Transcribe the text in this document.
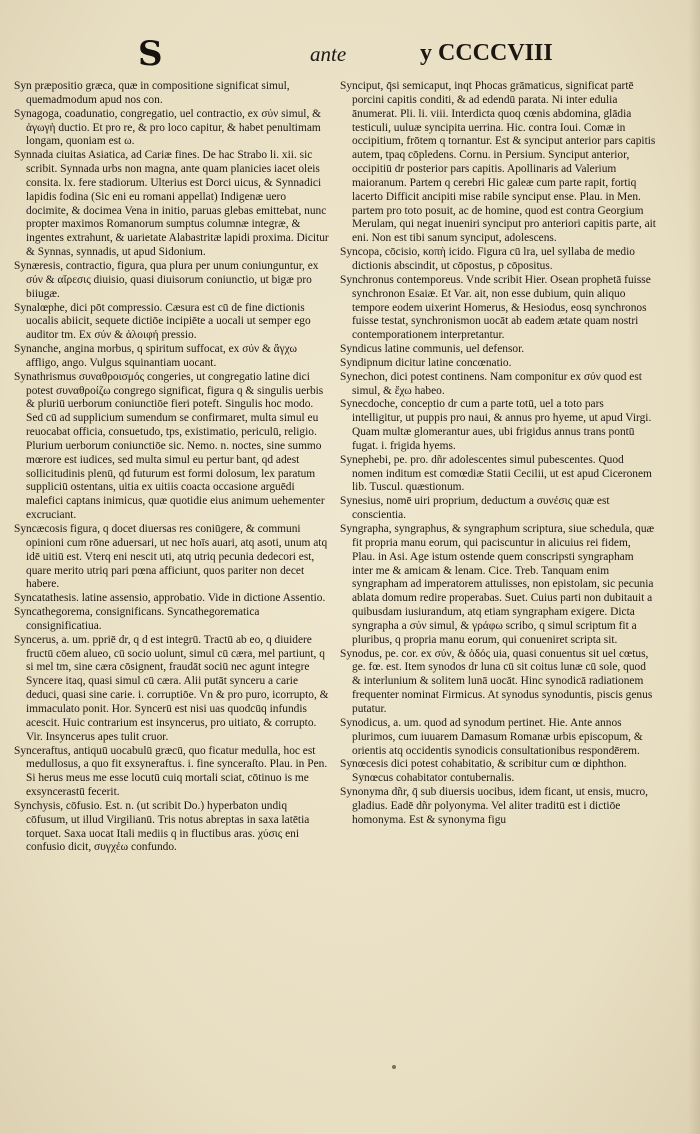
S	ante	y CCCCVIII

Syn præpositio græca, quæ in compositione significat simul, quemadmodum apud nos con.

Synagoga, coadunatio, congregatio, uel contractio, ex σύν simul, & ἀγωγὴ ductio. Et pro re, & pro loco capitur, & habet penultimam longam, quoniam est ω.

Synnada ciuitas Asiatica, ad Cariæ fines. De hac Strabo li. xii. sic scribit. Synnada urbs non magna, ante quam planicies iacet oleis consita. lx. fere stadiorum. Ulterius est Dorci uicus, & Synnadici lapidis fodina (Sic eni eu romani appellat) Indigenæ uero docimite, & docimea Vena in initio, paruas glebas emittebat, nunc propter maximos Romanorum sumptus columnæ integræ, & ingentes extrahunt, & uarietate Alabastritæ lapidi proxima. Dicitur & Synnas, synnadis, ut apud Sidonium.

Synæresis, contractio, figura, qua plura per unum coniunguntur, ex σύν & αἵρεσις diuisio, quasi diuisorum coniunctio, ut bigæ pro biiugæ.

Synalœphe, dici pōt compressio. Cæsura est cū de fine dictionis uocalis abiicit, sequete dictiōe incipiēte a uocali ut semper ego auditor tm. Ex σύν & ἀλοιφή pressio.

Synanche, angina morbus, q spiritum suffocat, ex σύν & ἄγχω affligo, ango. Vulgus squinantiam uocant.

Synathrismus συναθροισμός congeries, ut congregatio latine dici potest συναθροίζω congrego significat, figura q & singulis uerbis & pluriū uerborum coniunctiōe fieri poteft. Singulis hoc modo. Sed cū ad supplicium sumendum se confirmaret, multa simul eu reuocabat officia, consuetudo, tps, existimatio, periculū, religio. Plurium uerborum coniunctiōe sic. Nemo. n. noctes, sine summo mœrore est iudices, sed multa simul eu pertur bant, qd adest sollicitudinis plenū, qd futurum est formi dolosum, lex paratum suppliciū ostentans, uitia ex uitiis coacta occasione arguēdi malefici captans inimicus, quæ quotidie eius animum uehementer excruciant.

Syncæcosis figura, q docet diuersas res coniūgere, & communi opinioni cum rōne aduersari, ut nec hoīs auari, atq asoti, unum atq idē uitiū est. Vterq eni nescit uti, atq utriq pecunia dedecori est, quare merito utriq pari pœna afficiunt, quos pariter non decet habere.

Syncatathesis. latine assensio, approbatio. Vide in dictione Assentio.

Syncathegorema, consignificans. Syncathegorematica consignificatiua.

Syncerus, a. um. ppriē dr, q d est integrū. Tractū ab eo, q diuidere fructū cōem alueo, cū socio uolunt, simul cū cæra, mel partiunt, q si mel tm, sine cæra cōsignent, fraudāt sociū nec agunt integre Syncere itaq, quasi simul cū cæra. Alii putāt synceru a carie deduci, quasi sine carie. i. corruptiōe. Vn & pro puro, icorrupto, & immaculato ponit. Hor. Syncerū est nisi uas quodcūq infundis acescit. Huic contrarium est insyncerus, pro uitiato, & corrupto. Vir. Insyncerus apes tulit cruor.

Synceraftus, antiquū uocabulū græcū, quo ficatur medulla, hoc est medullosus, a quo fit exsyneraftus. i. fine synceraſto. Plau. in Pen. Si herus meus me esse locutū cuiq mortali sciat, cōtinuo is me exsyncerastū fecerit.

Synchysis, cōfusio. Est. n. (ut scribit Do.) hyperbaton undiq cōfusum, ut illud Virgilianū. Tris notus abreptas in saxa latētia torquet. Saxa uocat Itali mediis q in fluctibus aras. χύσις eni confusio dicit, συγχέω confundo.

Synciput, q̄si semicaput, inqt Phocas grāmaticus, significat partē porcini capitis conditi, & ad edendū parata. Ni inter edulia ānumerat. Pli. li. viii. Interdicta quoq cœnis abdomina, glādia testiculi, uuluæ syncipita uerrina. Hic. contra Ioui. Comæ in occipitium, frōtem q tornantur. Est & synciput anterior pars capitis autem, tpaq cōpledens. Cornu. in Persium. Synciput anterior, occipitiū dr posterior pars capitis. Apollinaris ad Valerium maioranum. Partem q cerebri Hic galeæ cum parte rapit, fortiq lacerto Difficit ancipiti mise rabile synciput ense. Plau. in Men. partem pro toto posuit, ac de homine, quod est contra Georgium Merulam, qui negat inueniri synciput pro anteriori capitis parte, ait eni. Non est tibi sanum synciput, adolescens.

Syncopa, cōcisio, κοπὴ icido. Figura cū lra, uel syllaba de medio dictionis abscindit, ut cōpostus, p cōpositus.

Synchronus contemporeus. Vnde scribit Hier. Osean prophetā fuisse synchronon Esaiæ. Et Var. ait, non esse dubium, quin aliquo tempore eodem uixerint Homerus, & Hesiodus, eosq synchronos fuisse testat, synchronismon uocāt ab eadem ætate quam nostri contemporationem interpretantur.

Syndicus latine communis, uel defensor.

Syndipnum dicitur latine concœnatio.

Synechon, dici potest continens. Nam componitur ex σύν quod est simul, & ἔχω habeo.

Synecdoche, conceptio dr cum a parte totū, uel a toto pars intelligitur, ut puppis pro naui, & annus pro hyeme, ut apud Virgi. Quam multæ glomerantur aues, ubi frigidus annus trans pontū fugat. i. frigida hyems.

Synephebi, pe. pro. dñr adolescentes simul pubescentes. Quod nomen inditum est comœdiæ Statii Cecilii, ut est apud Ciceronem lib. Tuscul. quæstionum.

Synesius, nomē uiri proprium, deductum a συνέσις quæ est conscientia.

Syngrapha, syngraphus, & syngraphum scriptura, siue schedula, quæ fit propria manu eorum, qui paciscuntur in alicuius rei fidem, Plau. in Asi. Age istum ostende quem conscripsti syngrapham inter me & amicam & lenam. Cice. Treb. Tanquam enim syngrapham ad imperatorem attulisses, non epistolam, sic pecunia ablata domum redire properabas. Suet. Cuius parti non dubitauit a quibusdam iusiurandum, atq etiam syngrapham exigere. Dicta syngrapha a σύν simul, & γράφω scribo, q simul scriptum fit a pluribus, q propria manu eorum, qui conueniret scripta sit.

Synodus, pe. cor. ex σύν, & ὁδός uia, quasi conuentus sit uel cœtus, ge. fœ. est. Item synodos dr luna cū sit coitus lunæ cū sole, quod & interlunium & solitem lunā uocāt. Hinc synodicā radiationem frequenter nominat Firmicus. At synodus synoduntis, piscis genus putatur.

Synodicus, a. um. quod ad synodum pertinet. Hie. Ante annos plurimos, cum iuuarem Damasum Romanæ urbis episcopum, & orientis atq occidentis synodicis consultationibus respondērem.

Synœcesis dici potest cohabitatio, & scribitur cum œ diphthon. Synœcus cohabitator contubernalis.

Synonyma dñr, q̄ sub diuersis uocibus, idem ficant, ut ensis, mucro, gladius. Eadē dñr polyonyma. Vel aliter traditū est i dictiōe homonyma. Est & synonyma figu
